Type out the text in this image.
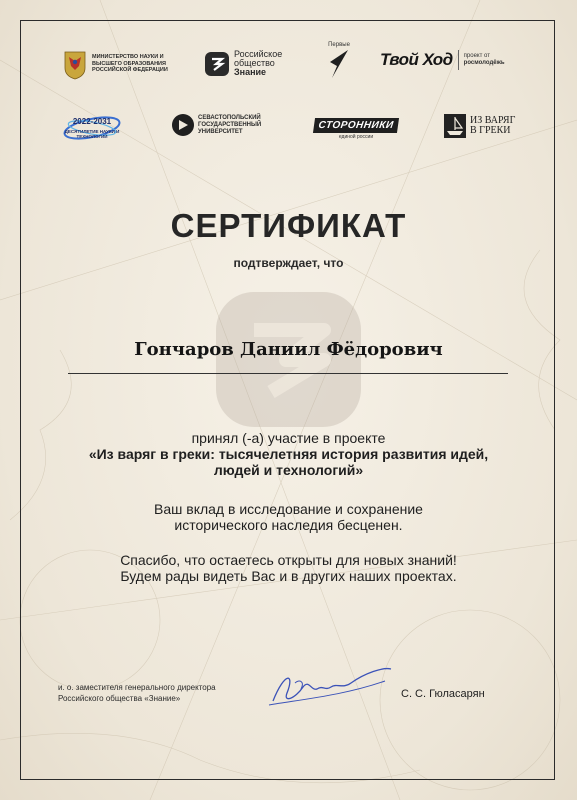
МИНИСТЕРСТВО НАУКИ И ВЫСШЕГО ОБРАЗОВАНИЯ РОССИЙСКОЙ ФЕДЕРАЦИИ
Российское
общество
Знание
Первые
Твой Ход проект от
росмолодёжь
2022-2031
ДЕСЯТИЛЕТИЕ НАУКИ И ТЕХНОЛОГИЙ
СЕВАСТОПОЛЬСКИЙ ГОСУДАРСТВЕННЫЙ УНИВЕРСИТЕТ
СТОРОННИКИ
единой россии
ИЗ ВАРЯГ
В ГРЕКИ
СЕРТИФИКАТ
подтверждает, что
Гончаров Даниил Фёдорович
принял (-а) участие в проекте
«Из варяг в греки: тысячелетняя история развития идей,
людей и технологий»
Ваш вклад в исследование и сохранение
исторического наследия бесценен.
Спасибо, что остаетесь открыты для новых знаний!
Будем рады видеть Вас и в других наших проектах.
и. о. заместителя генерального директора
Российского общества «Знание»	С. С. Гюласарян
